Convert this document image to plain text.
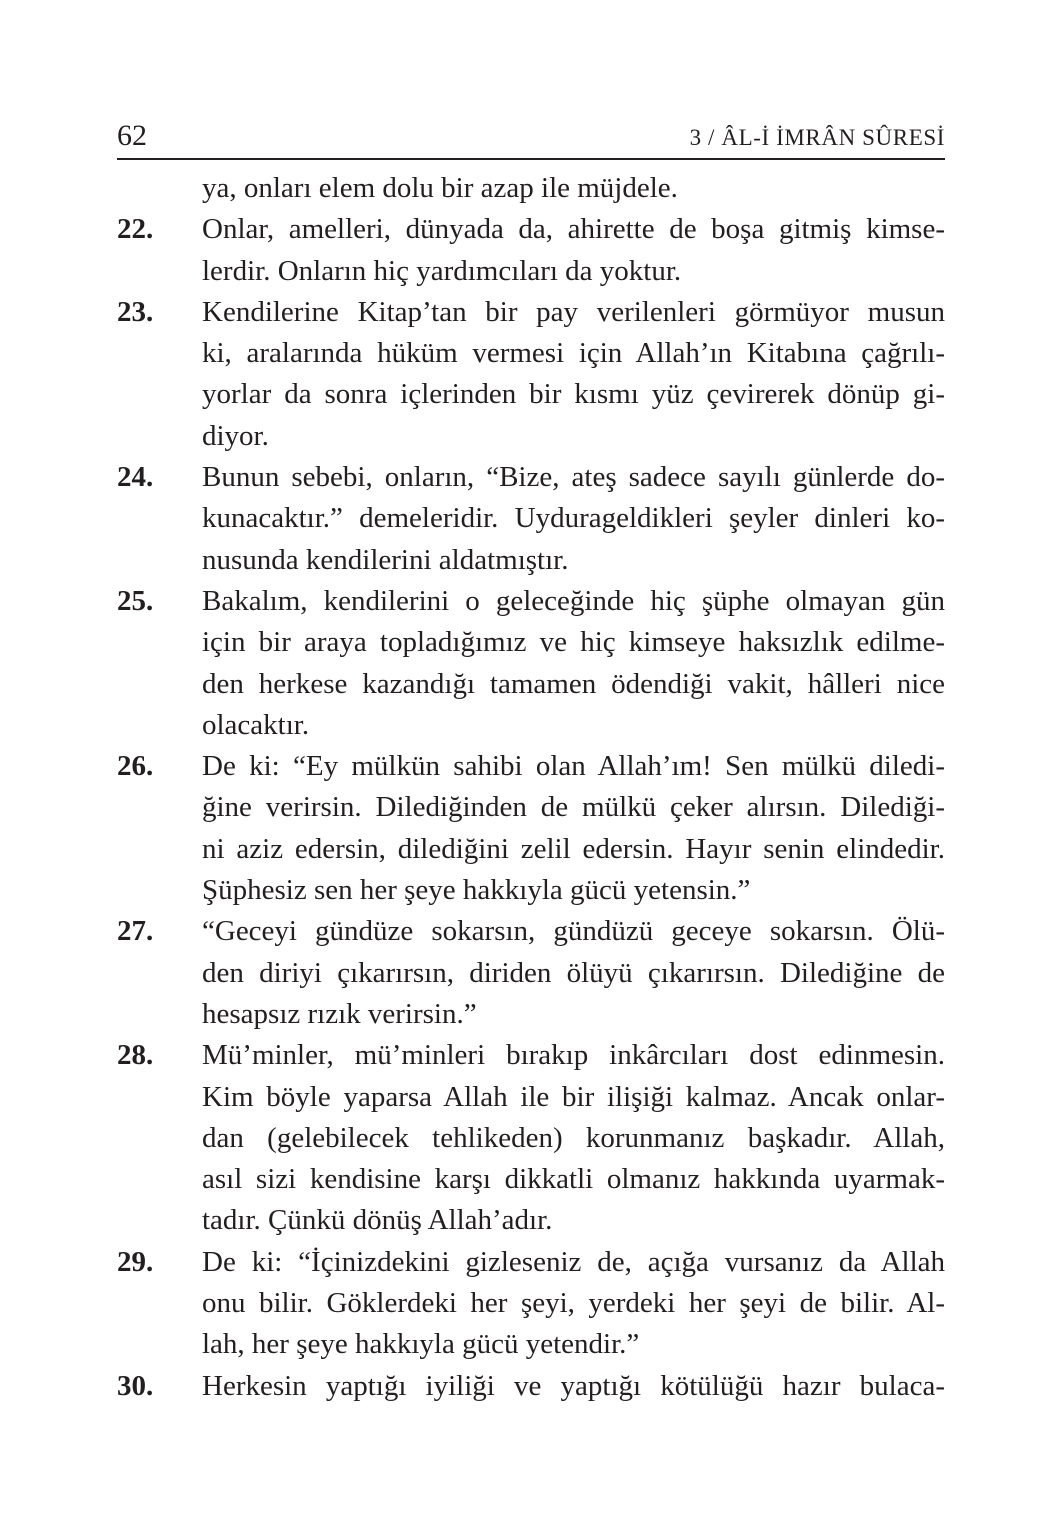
62	3 / ÂL-İ İMRÂN SÛRESİ
ya, onları elem dolu bir azap ile müjdele.
22. Onlar, amelleri, dünyada da, ahirette de boşa gitmiş kimse-
lerdir. Onların hiç yardımcıları da yoktur.
23. Kendilerine Kitap’tan bir pay verilenleri görmüyor musun
ki, aralarında hüküm vermesi için Allah’ın Kitabına çağrılı-
yorlar da sonra içlerinden bir kısmı yüz çevirerek dönüp gi-
diyor.
24. Bunun sebebi, onların, “Bize, ateş sadece sayılı günlerde do-
kunacaktır.” demeleridir. Uydurageldikleri şeyler dinleri ko-
nusunda kendilerini aldatmıştır.
25. Bakalım, kendilerini o geleceğinde hiç şüphe olmayan gün
için bir araya topladığımız ve hiç kimseye haksızlık edilme-
den herkese kazandığı tamamen ödendiği vakit, hâlleri nice
olacaktır.
26. De ki: “Ey mülkün sahibi olan Allah’ım! Sen mülkü diledi-
ğine verirsin. Dilediğinden de mülkü çeker alırsın. Dilediği-
ni aziz edersin, dilediğini zelil edersin. Hayır senin elindedir.
Şüphesiz sen her şeye hakkıyla gücü yetensin.”
27. “Geceyi gündüze sokarsın, gündüzü geceye sokarsın. Ölü-
den diriyi çıkarırsın, diriden ölüyü çıkarırsın. Dilediğine de
hesapsız rızık verirsin.”
28. Mü’minler, mü’minleri bırakıp inkârcıları dost edinmesin.
Kim böyle yaparsa Allah ile bir ilişiği kalmaz. Ancak onlar-
dan (gelebilecek tehlikeden) korunmanız başkadır. Allah,
asıl sizi kendisine karşı dikkatli olmanız hakkında uyarmak-
tadır. Çünkü dönüş Allah’adır.
29. De ki: “İçinizdekini gizleseniz de, açığa vursanız da Allah
onu bilir. Göklerdeki her şeyi, yerdeki her şeyi de bilir. Al-
lah, her şeye hakkıyla gücü yetendir.”
30. Herkesin yaptığı iyiliği ve yaptığı kötülüğü hazır bulaca-
